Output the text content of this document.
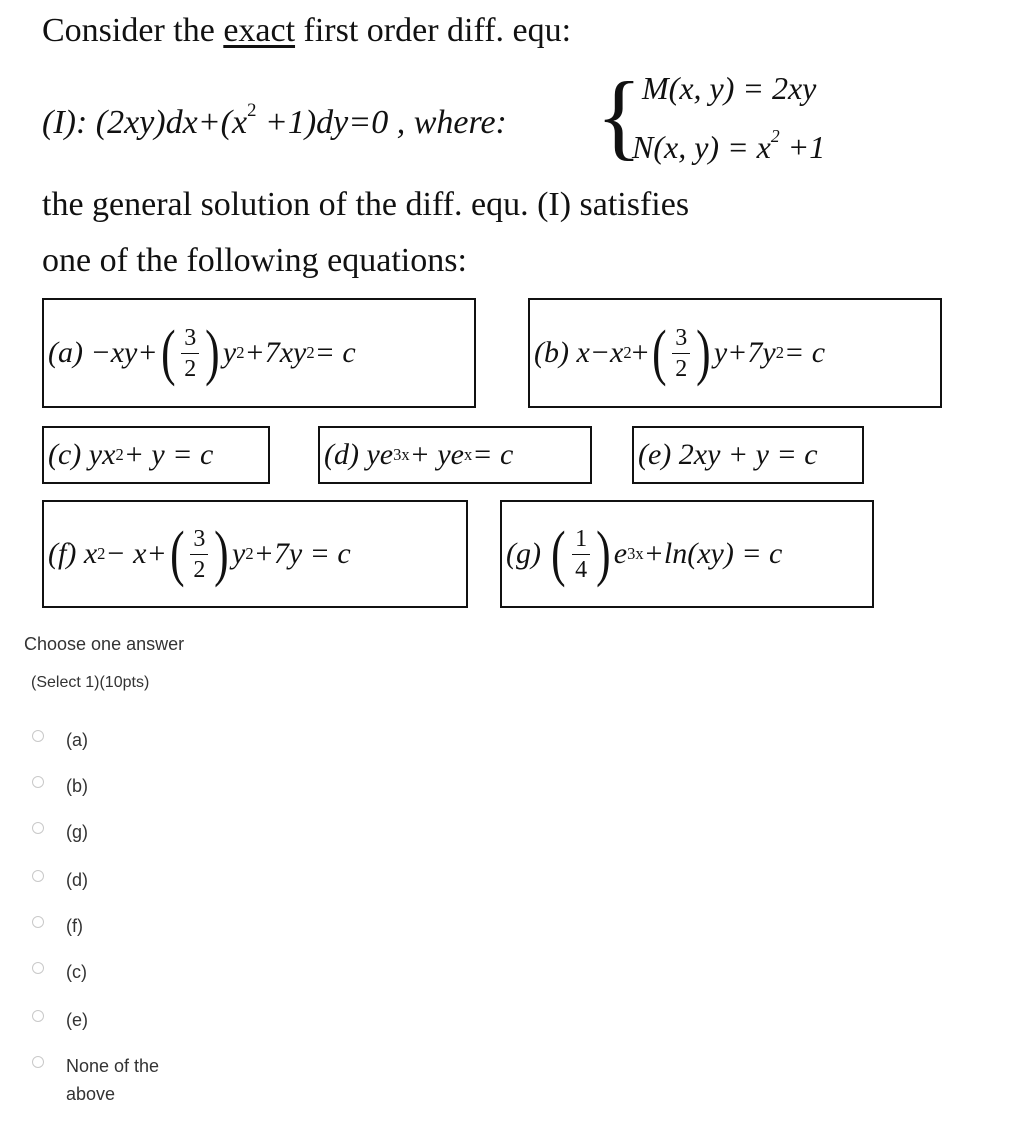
Consider the exact first order diff. equ:
(I): $(2xy)dx+(x^2 +1)dy=0$ , where: { M(x, y) = 2xy
N(x, $y) = x^2 +1$
the general solution of the diff. equ. (I) satisfies
one of the following equations:
(a)
−xy+ ( $\frac{3}{2}$ ) y 2 +7xy 2 = c	(b)
x−x 2 + ( $\frac{3}{2}$ ) y+7y 2 = c
(c)
yx 2 + y = c	(d)
ye 3x + ye x = c	(e)
2xy + y = c
(f)
x 2 − x+ ( $\frac{3}{2}$ ) y 2 +7y = c	(g)
( $\frac{1}{4}$ ) e 3x +ln(xy) = c
Choose one answer
(Select 1)(10pts)
(a)
(b)
(g)
(d)
(f)
(c)
(e)
None of the
above
